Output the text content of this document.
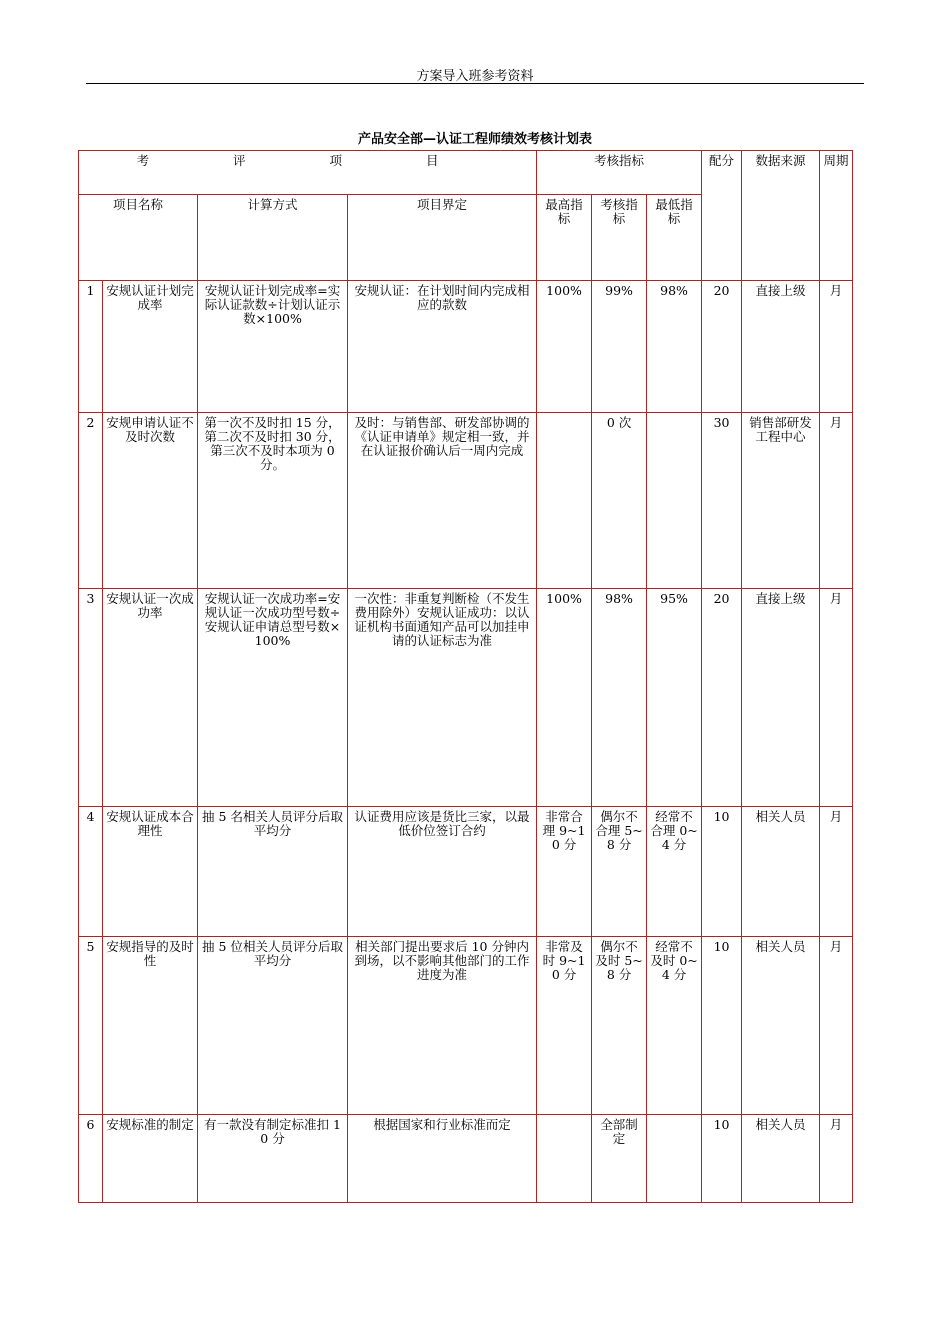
方案导入班参考资料
产品安全部—认证工程师绩效考核计划表
考 评 项 目				考核指标			配分	数据来源	周期
项目名称		计算方式	项目界定	最高指标	考核指标	最低指标			
1	安规认证计划完成率	安规认证计划完成率=实际认证款数÷计划认证示数×100%	安规认证：在计划时间内完成相应的款数	100%	99%	98%	20	直接上级	月
2	安规申请认证不及时次数	第一次不及时扣 15 分，第二次不及时扣 30 分，第三次不及时本项为 0 分。	及时：与销售部、研发部协调的《认证申请单》规定相一致，并在认证报价确认后一周内完成		0 次		30	销售部研发工程中心	月
3	安规认证一次成功率	安规认证一次成功率=安规认证一次成功型号数÷安规认证申请总型号数×100%	一次性：非重复判断检（不发生费用除外）安规认证成功：以认证机构书面通知产品可以加挂申请的认证标志为准	100%	98%	95%	20	直接上级	月
4	安规认证成本合理性	抽 5 名相关人员评分后取平均分	认证费用应该是货比三家，以最低价位签订合约	非常合理 9~10 分	偶尔不合理 5~8 分	经常不合理 0~4 分	10	相关人员	月
5	安规指导的及时性	抽 5 位相关人员评分后取平均分	相关部门提出要求后 10 分钟内到场，以不影响其他部门的工作进度为准	非常及时 9~10 分	偶尔不及时 5~8 分	经常不及时 0~4 分	10	相关人员	月
6	安规标准的制定	有一款没有制定标准扣 10 分	根据国家和行业标准而定		全部制定		10	相关人员	月
